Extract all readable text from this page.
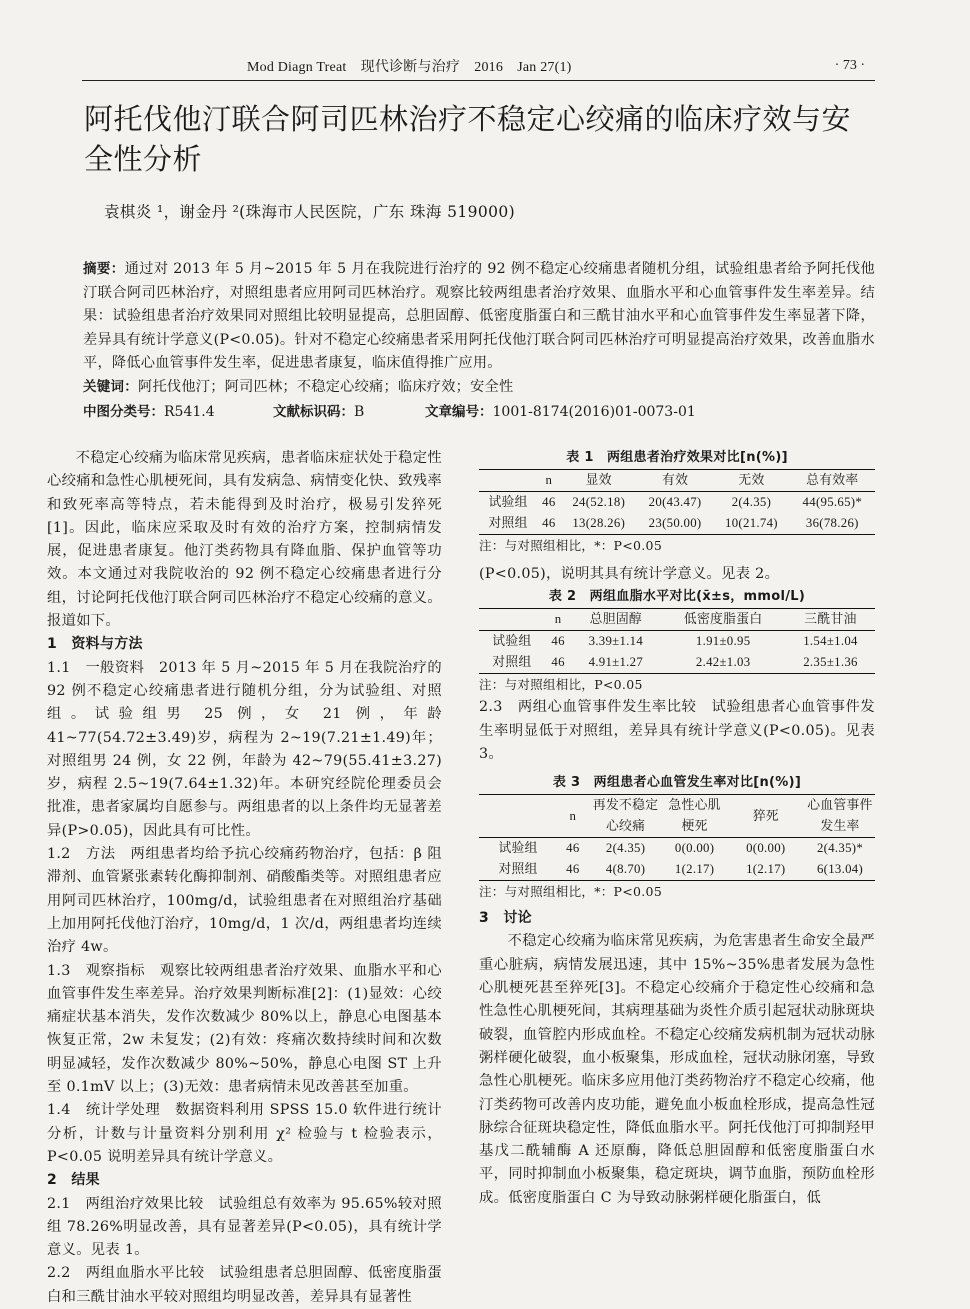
Mod Diagn Treat　现代诊断与治疗　2016　Jan 27(1)	· 73 ·
阿托伐他汀联合阿司匹林治疗不稳定心绞痛的临床疗效与安全性分析
袁棋炎 ¹，谢金丹 ²(珠海市人民医院，广东 珠海 519000)
摘要：通过对 2013 年 5 月~2015 年 5 月在我院进行治疗的 92 例不稳定心绞痛患者随机分组，试验组患者给予阿托伐他汀联合阿司匹林治疗，对照组患者应用阿司匹林治疗。观察比较两组患者治疗效果、血脂水平和心血管事件发生率差异。结果：试验组患者治疗效果同对照组比较明显提高，总胆固醇、低密度脂蛋白和三酰甘油水平和心血管事件发生率显著下降，差异具有统计学意义(P<0.05)。针对不稳定心绞痛患者采用阿托伐他汀联合阿司匹林治疗可明显提高治疗效果，改善血脂水平，降低心血管事件发生率，促进患者康复，临床值得推广应用。
关键词：阿托伐他汀；阿司匹林；不稳定心绞痛；临床疗效；安全性
中图分类号：R541.4	文献标识码：B	文章编号：1001-8174(2016)01-0073-01

不稳定心绞痛为临床常见疾病，患者临床症状处于稳定性心绞痛和急性心肌梗死间，具有发病急、病情变化快、致残率和致死率高等特点，若未能得到及时治疗，极易引发猝死[1]。因此，临床应采取及时有效的治疗方案，控制病情发展，促进患者康复。他汀类药物具有降血脂、保护血管等功效。本文通过对我院收治的 92 例不稳定心绞痛患者进行分组，讨论阿托伐他汀联合阿司匹林治疗不稳定心绞痛的意义。报道如下。

1　资料与方法

1.1　一般资料　2013 年 5 月~2015 年 5 月在我院治疗的 92 例不稳定心绞痛患者进行随机分组，分为试验组、对照组。试验组男 25 例，女 21 例，年龄 41~77(54.72±3.49)岁，病程为 2~19(7.21±1.49)年；对照组男 24 例，女 22 例，年龄为 42~79(55.41±3.27)岁，病程 2.5~19(7.64±1.32)年。本研究经院伦理委员会批准，患者家属均自愿参与。两组患者的以上条件均无显著差异(P>0.05)，因此具有可比性。

1.2　方法　两组患者均给予抗心绞痛药物治疗，包括：β 阻滞剂、血管紧张素转化酶抑制剂、硝酸酯类等。对照组患者应用阿司匹林治疗，100mg/d，试验组患者在对照组治疗基础上加用阿托伐他汀治疗，10mg/d，1 次/d，两组患者均连续治疗 4w。

1.3　观察指标　观察比较两组患者治疗效果、血脂水平和心血管事件发生率差异。治疗效果判断标准[2]：(1)显效：心绞痛症状基本消失，发作次数减少 80%以上，静息心电图基本恢复正常，2w 未复发；(2)有效：疼痛次数持续时间和次数明显减轻，发作次数减少 80%~50%，静息心电图 ST 上升至 0.1mV 以上；(3)无效：患者病情未见改善甚至加重。

1.4　统计学处理　数据资料利用 SPSS 15.0 软件进行统计分析，计数与计量资料分别利用 χ² 检验与 t 检验表示，P<0.05 说明差异具有统计学意义。

2　结果

2.1　两组治疗效果比较　试验组总有效率为 95.65%较对照组 78.26%明显改善，具有显著差异(P<0.05)，具有统计学意义。见表 1。

2.2　两组血脂水平比较　试验组患者总胆固醇、低密度脂蛋白和三酰甘油水平较对照组均明显改善，差异具有显著性

表 1　两组患者治疗效果对比[n(%)]

	n	显效	有效	无效	总有效率
试验组	46	24(52.18)	20(43.47)	2(4.35)	44(95.65)*
对照组	46	13(28.26)	23(50.00)	10(21.74)	36(78.26)

注：与对照组相比，*：P<0.05

(P<0.05)，说明其具有统计学意义。见表 2。

表 2　两组血脂水平对比(x̄±s，mmol/L)

	n	总胆固醇	低密度脂蛋白	三酰甘油
试验组	46	3.39±1.14	1.91±0.95	1.54±1.04
对照组	46	4.91±1.27	2.42±1.03	2.35±1.36

注：与对照组相比，P<0.05

2.3　两组心血管事件发生率比较　试验组患者心血管事件发生率明显低于对照组，差异具有统计学意义(P<0.05)。见表 3。

表 3　两组患者心血管发生率对比[n(%)]

	n	再发不稳定心绞痛	急性心肌梗死	猝死	心血管事件发生率
试验组	46	2(4.35)	0(0.00)	0(0.00)	2(4.35)*
对照组	46	4(8.70)	1(2.17)	1(2.17)	6(13.04)

注：与对照组相比，*：P<0.05

3　讨论

不稳定心绞痛为临床常见疾病，为危害患者生命安全最严重心脏病，病情发展迅速，其中 15%~35%患者发展为急性心肌梗死甚至猝死[3]。不稳定心绞痛介于稳定性心绞痛和急性急性心肌梗死间，其病理基础为炎性介质引起冠状动脉斑块破裂，血管腔内形成血栓。不稳定心绞痛发病机制为冠状动脉粥样硬化破裂，血小板聚集，形成血栓，冠状动脉闭塞，导致急性心肌梗死。临床多应用他汀类药物治疗不稳定心绞痛，他汀类药物可改善内皮功能，避免血小板血栓形成，提高急性冠脉综合征斑块稳定性，降低血脂水平。阿托伐他汀可抑制羟甲基戊二酰辅酶 A 还原酶，降低总胆固醇和低密度脂蛋白水平，同时抑制血小板聚集，稳定斑块，调节血脂，预防血栓形成。低密度脂蛋白 C 为导致动脉粥样硬化脂蛋白，低
